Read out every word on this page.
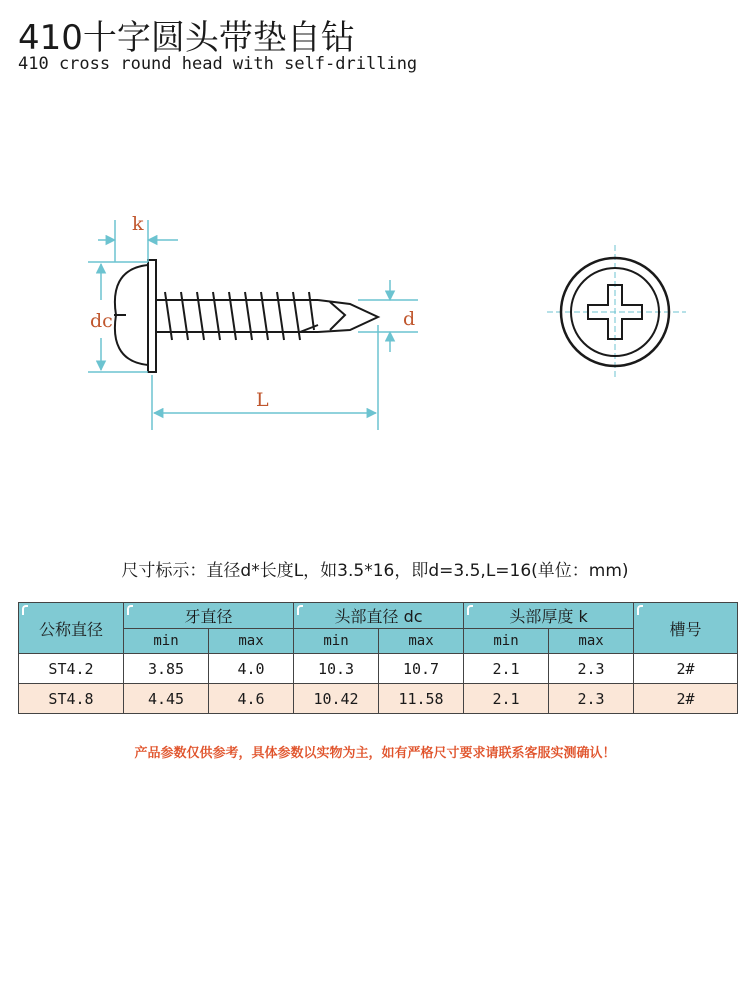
410十字圆头带垫自钻
410 cross round head with self-drilling
k
dc	d
L
尺寸标示：直径d*长度L，如3.5*16，即d=3.5,L=16(单位：mm)
公称直径	牙直径		头部直径 dc		头部厚度 k		槽号
	min	max	min	max	min	max	
ST4.2	3.85	4.0	10.3	10.7	2.1	2.3	2#
ST4.8	4.45	4.6	10.42	11.58	2.1	2.3	2#
产品参数仅供参考，具体参数以实物为主，如有严格尺寸要求请联系客服实测确认！
